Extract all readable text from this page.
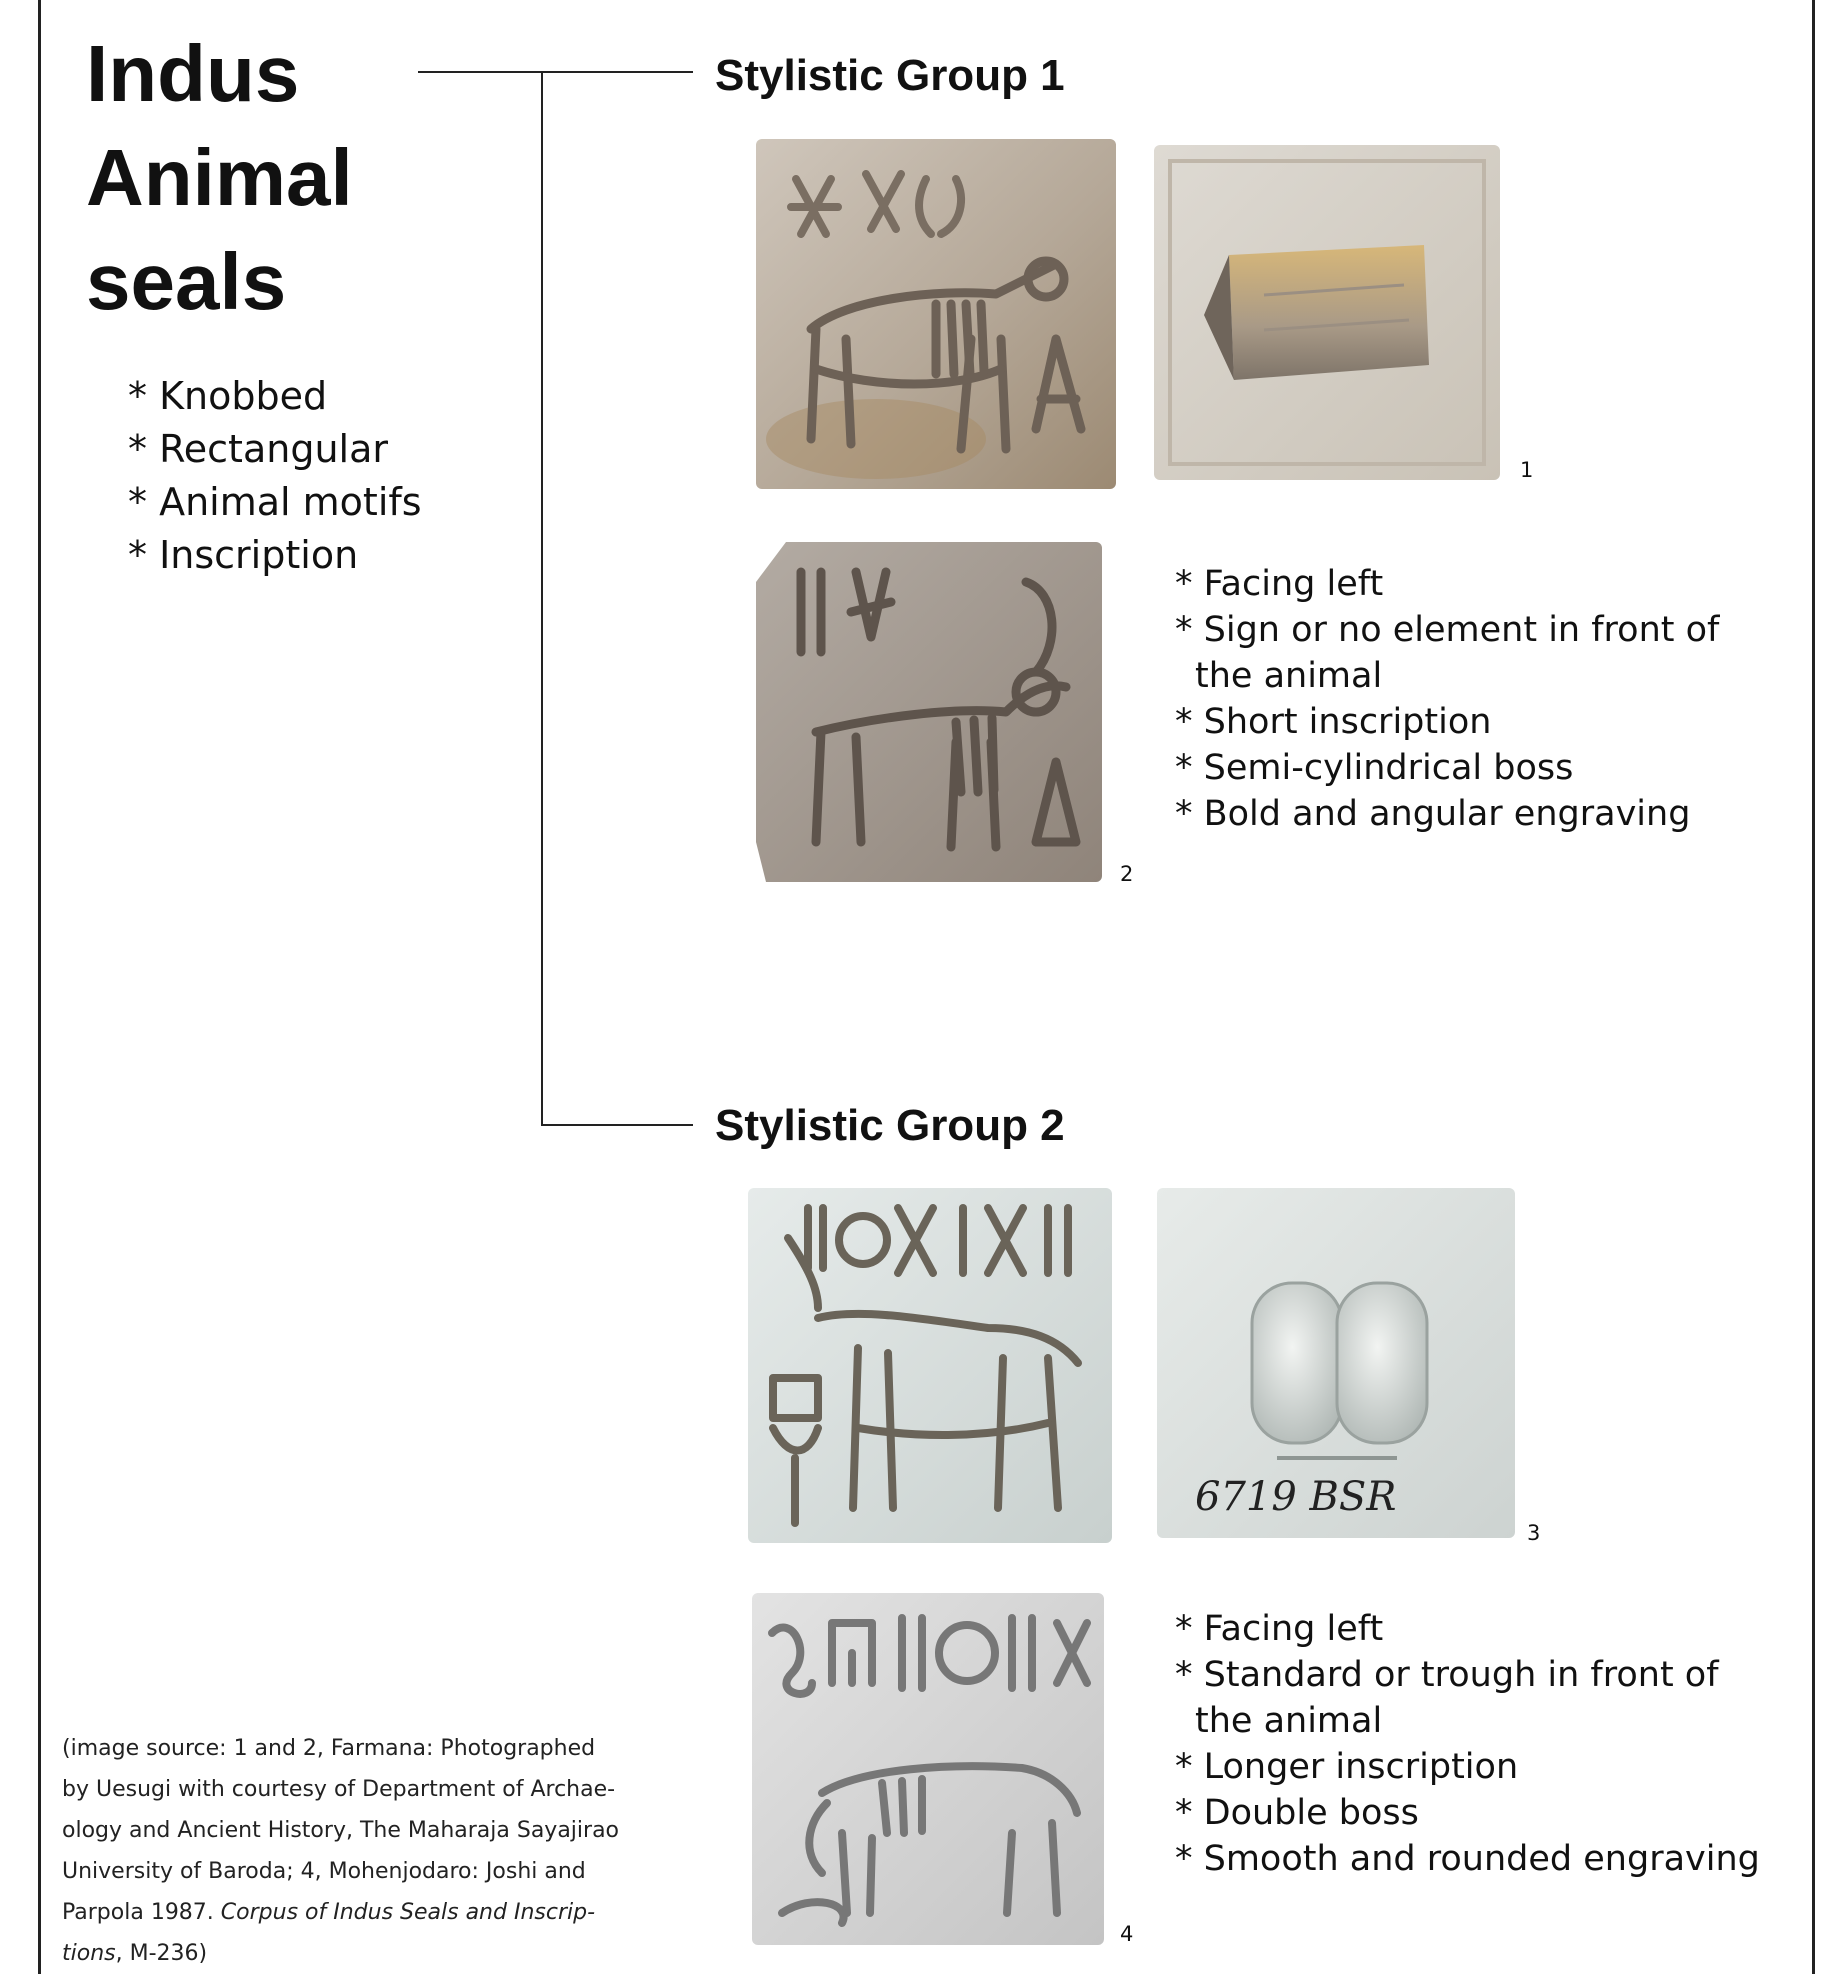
Indus
Animal
seals
* Knobbed
* Rectangular
* Animal motifs
* Inscription
Stylistic Group 1
1
2
* Facing left
* Sign or no element in front of
the animal
* Short inscription
* Semi-cylindrical boss
* Bold and angular engraving
Stylistic Group 2
6719 BSR
3
4
* Facing left
* Standard or trough in front of
the animal
* Longer inscription
* Double boss
* Smooth and rounded engraving

(image source: 1 and 2, Farmana: Photographed
by Uesugi with courtesy of Department of Archae-
ology and Ancient History, The Maharaja Sayajirao
University of Baroda; 4, Mohenjodaro: Joshi and
Parpola 1987. Corpus of Indus Seals and Inscrip-
tions, M-236)
